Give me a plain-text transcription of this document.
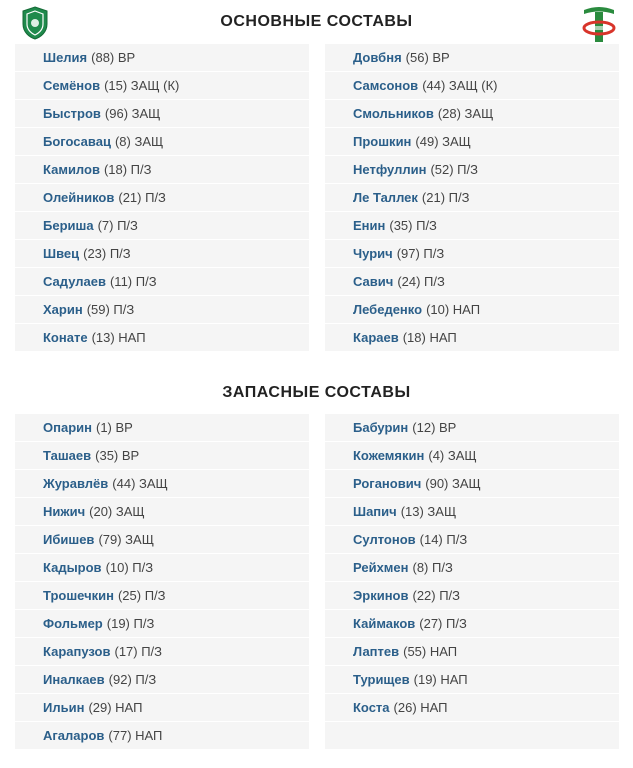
ОСНОВНЫЕ СОСТАВЫ
Шелия (88) ВР
Семёнов (15) ЗАЩ (К)
Быстров (96) ЗАЩ
Богосавац (8) ЗАЩ
Камилов (18) П/З
Олейников (21) П/З
Бериша (7) П/З
Швец (23) П/З
Садулаев (11) П/З
Харин (59) П/З
Конате (13) НАП
Довбня (56) ВР
Самсонов (44) ЗАЩ (К)
Смольников (28) ЗАЩ
Прошкин (49) ЗАЩ
Нетфуллин (52) П/З
Ле Таллек (21) П/З
Енин (35) П/З
Чурич (97) П/З
Савич (24) П/З
Лебеденко (10) НАП
Караев (18) НАП
ЗАПАСНЫЕ СОСТАВЫ
Опарин (1) ВР
Ташаев (35) ВР
Журавлёв (44) ЗАЩ
Нижич (20) ЗАЩ
Ибишев (79) ЗАЩ
Кадыров (10) П/З
Трошечкин (25) П/З
Фольмер (19) П/З
Карапузов (17) П/З
Иналкаев (92) П/З
Ильин (29) НАП
Агаларов (77) НАП
Бабурин (12) ВР
Кожемякин (4) ЗАЩ
Роганович (90) ЗАЩ
Шапич (13) ЗАЩ
Султонов (14) П/З
Рейхмен (8) П/З
Эркинов (22) П/З
Каймаков (27) П/З
Лаптев (55) НАП
Турищев (19) НАП
Коста (26) НАП
